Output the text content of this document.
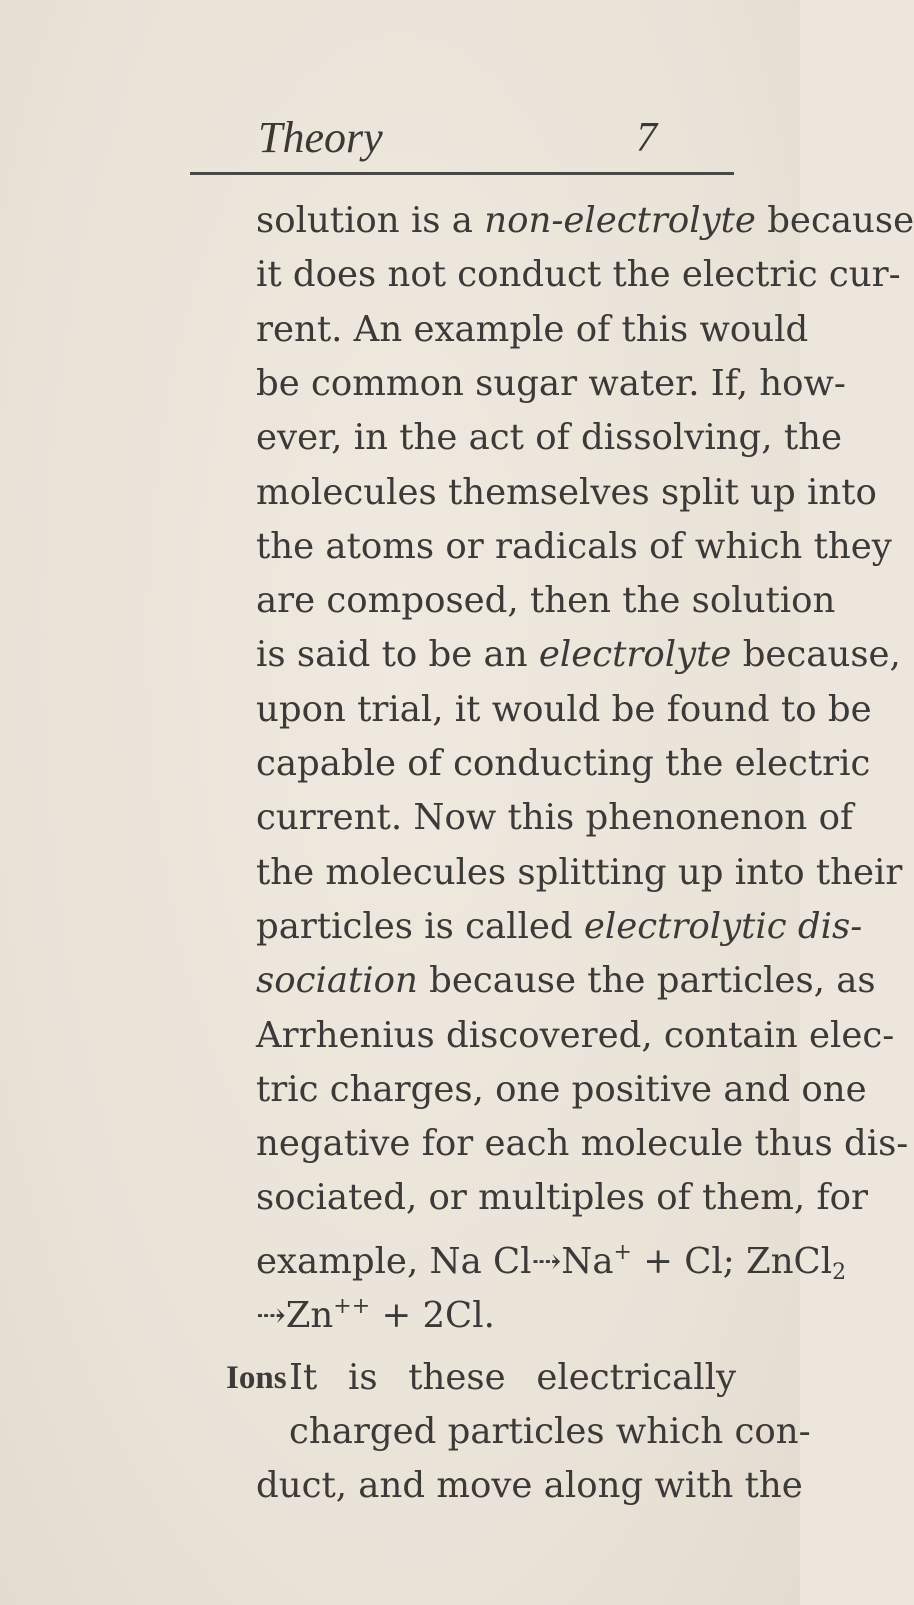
Theory	7
Ions
solution is a non-electrolyte because
it does not conduct the electric cur-
rent. An example of this would
be common sugar water. If, how-
ever, in the act of dissolving, the
molecules themselves split up into
the atoms or radicals of which they
are composed, then the solution
is said to be an electrolyte because,
upon trial, it would be found to be
capable of conducting the electric
current. Now this phenonenon of
the molecules splitting up into their
particles is called electrolytic dis-
sociation because the particles, as
Arrhenius discovered, contain elec-
tric charges, one positive and one
negative for each molecule thus dis-
sociated, or multiples of them, for
example, Na Cl⇢Na+ + Cl; ZnCl$_2$
⇢Zn++ + 2Cl.
It is these electrically
charged particles which con-
duct, and move along with the
